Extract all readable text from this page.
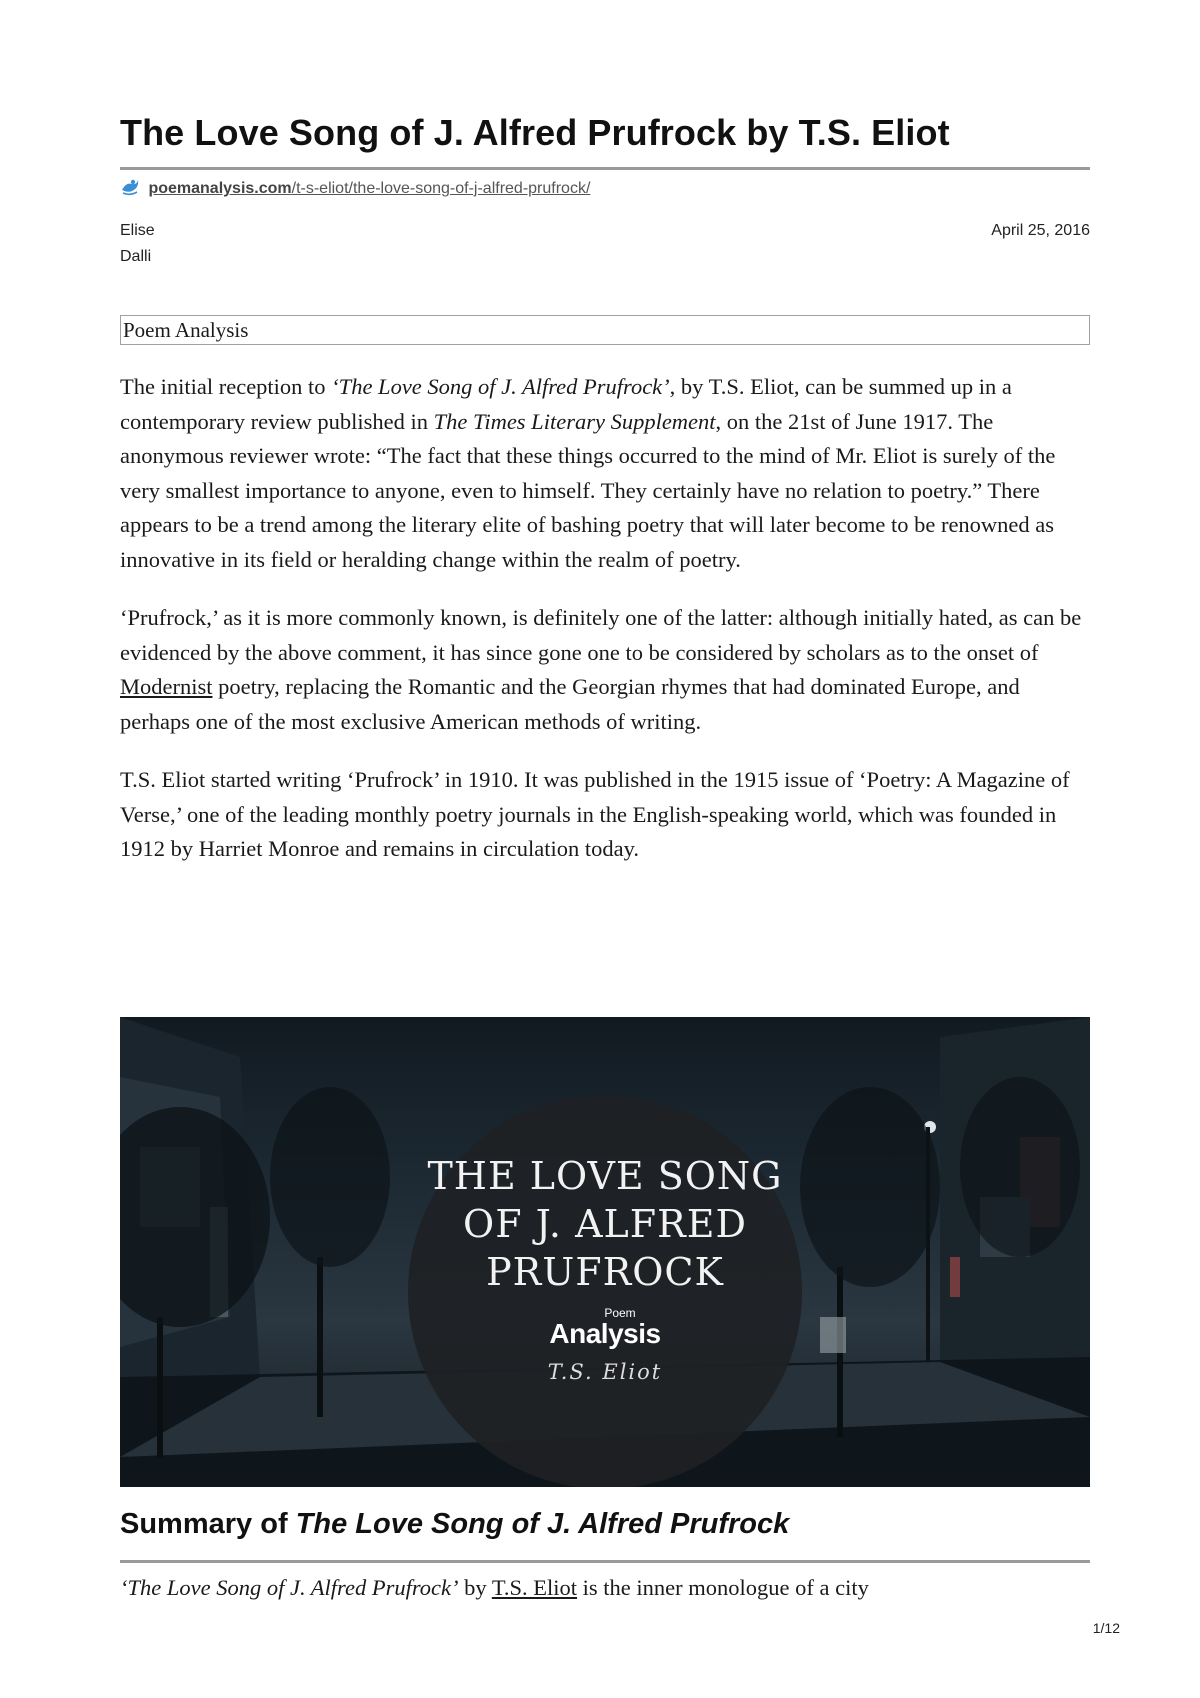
The Love Song of J. Alfred Prufrock by T.S. Eliot
poemanalysis.com/t-s-eliot/the-love-song-of-j-alfred-prufrock/
Elise Dalli
April 25, 2016
Poem Analysis

The initial reception to ‘The Love Song of J. Alfred Prufrock’, by T.S. Eliot, can be summed up in a contemporary review published in The Times Literary Supplement, on the 21st of June 1917. The anonymous reviewer wrote: “The fact that these things occurred to the mind of Mr. Eliot is surely of the very smallest importance to anyone, even to himself. They certainly have no relation to poetry.” There appears to be a trend among the literary elite of bashing poetry that will later become to be renowned as innovative in its field or heralding change within the realm of poetry.

‘Prufrock,’ as it is more commonly known, is definitely one of the latter: although initially hated, as can be evidenced by the above comment, it has since gone one to be considered by scholars as to the onset of Modernist poetry, replacing the Romantic and the Georgian rhymes that had dominated Europe, and perhaps one of the most exclusive American methods of writing.

T.S. Eliot started writing ‘Prufrock’ in 1910. It was published in the 1915 issue of ‘Poetry: A Magazine of Verse,’ one of the leading monthly poetry journals in the English-speaking world, which was founded in 1912 by Harriet Monroe and remains in circulation today.

THE LOVE SONG
OF J. ALFRED
PRUFROCK
Poem
Analysis
T.S. Eliot
Summary of The Love Song of J. Alfred Prufrock
‘The Love Song of J. Alfred Prufrock’ by T.S. Eliot is the inner monologue of a city
1/12
